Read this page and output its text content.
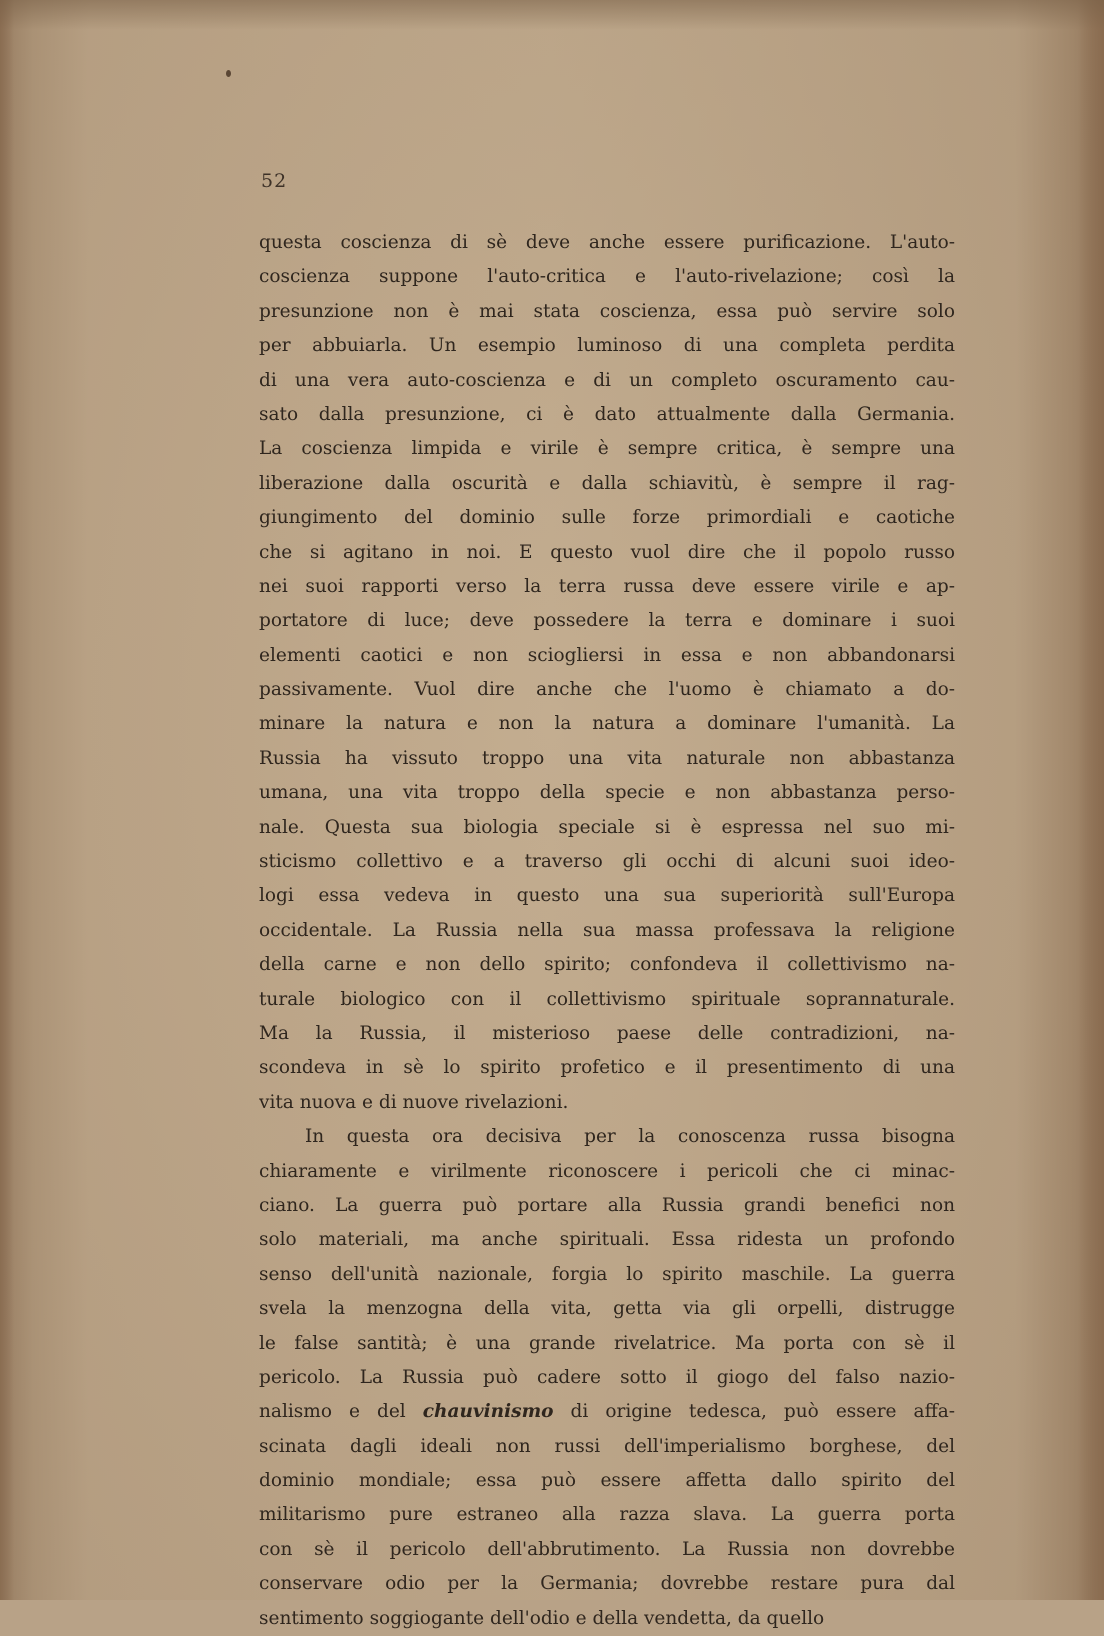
52
questa coscienza di sè deve anche essere purificazione. L'auto-
coscienza suppone l'auto-critica e l'auto-rivelazione; così la
presunzione non è mai stata coscienza, essa può servire solo
per abbuiarla. Un esempio luminoso di una completa perdita
di una vera auto-coscienza e di un completo oscuramento cau-
sato dalla presunzione, ci è dato attualmente dalla Germania.
La coscienza limpida e virile è sempre critica, è sempre una
liberazione dalla oscurità e dalla schiavitù, è sempre il rag-
giungimento del dominio sulle forze primordiali e caotiche
che si agitano in noi. E questo vuol dire che il popolo russo
nei suoi rapporti verso la terra russa deve essere virile e ap-
portatore di luce; deve possedere la terra e dominare i suoi
elementi caotici e non sciogliersi in essa e non abbandonarsi
passivamente. Vuol dire anche che l'uomo è chiamato a do-
minare la natura e non la natura a dominare l'umanità. La
Russia ha vissuto troppo una vita naturale non abbastanza
umana, una vita troppo della specie e non abbastanza perso-
nale. Questa sua biologia speciale si è espressa nel suo mi-
sticismo collettivo e a traverso gli occhi di alcuni suoi ideo-
logi essa vedeva in questo una sua superiorità sull'Europa
occidentale. La Russia nella sua massa professava la religione
della carne e non dello spirito; confondeva il collettivismo na-
turale biologico con il collettivismo spirituale soprannaturale.
Ma la Russia, il misterioso paese delle contradizioni, na-
scondeva in sè lo spirito profetico e il presentimento di una
vita nuova e di nuove rivelazioni.
In questa ora decisiva per la conoscenza russa bisogna
chiaramente e virilmente riconoscere i pericoli che ci minac-
ciano. La guerra può portare alla Russia grandi benefici non
solo materiali, ma anche spirituali. Essa ridesta un profondo
senso dell'unità nazionale, forgia lo spirito maschile. La guerra
svela la menzogna della vita, getta via gli orpelli, distrugge
le false santità; è una grande rivelatrice. Ma porta con sè il
pericolo. La Russia può cadere sotto il giogo del falso nazio-
nalismo e del chauvinismo di origine tedesca, può essere affa-
scinata dagli ideali non russi dell'imperialismo borghese, del
dominio mondiale; essa può essere affetta dallo spirito del
militarismo pure estraneo alla razza slava. La guerra porta
con sè il pericolo dell'abbrutimento. La Russia non dovrebbe
conservare odio per la Germania; dovrebbe restare pura dal
sentimento soggiogante dell'odio e della vendetta, da quello
